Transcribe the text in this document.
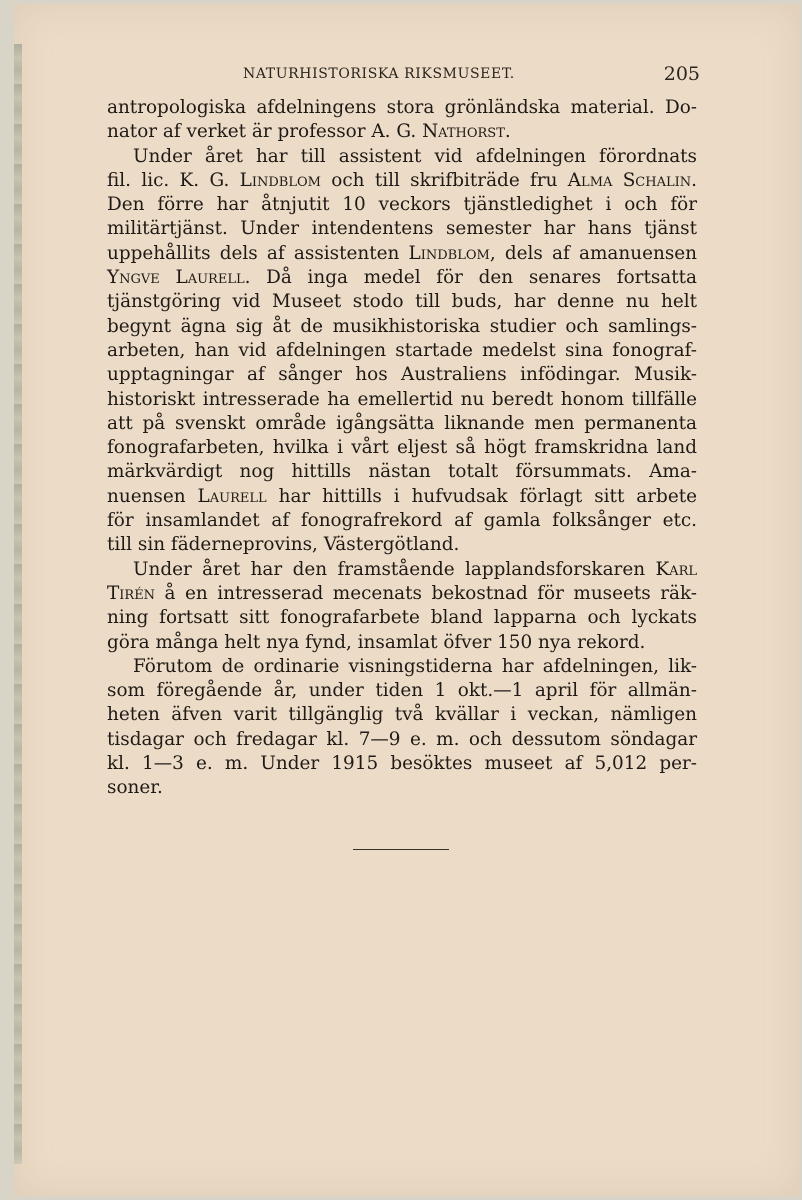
NATURHISTORISKA RIKSMUSEET.	205
antropologiska afdelningens stora grönländska material. Do-
nator af verket är professor A. G. Nathorst.
Under året har till assistent vid afdelningen förordnats
fil. lic. K. G. Lindblom och till skrifbiträde fru Alma Schalin.
Den förre har åtnjutit 10 veckors tjänstledighet i och för
militärtjänst. Under intendentens semester har hans tjänst
uppehållits dels af assistenten Lindblom, dels af amanuensen
Yngve Laurell. Då inga medel för den senares fortsatta
tjänstgöring vid Museet stodo till buds, har denne nu helt
begynt ägna sig åt de musikhistoriska studier och samlings-
arbeten, han vid afdelningen startade medelst sina fonograf-
upptagningar af sånger hos Australiens infödingar. Musik-
historiskt intresserade ha emellertid nu beredt honom tillfälle
att på svenskt område igångsätta liknande men permanenta
fonografarbeten, hvilka i vårt eljest så högt framskridna land
märkvärdigt nog hittills nästan totalt försummats. Ama-
nuensen Laurell har hittills i hufvudsak förlagt sitt arbete
för insamlandet af fonografrekord af gamla folksånger etc.
till sin fäderneprovins, Västergötland.
Under året har den framstående lapplandsforskaren Karl
Tirén å en intresserad mecenats bekostnad för museets räk-
ning fortsatt sitt fonografarbete bland lapparna och lyckats
göra många helt nya fynd, insamlat öfver 150 nya rekord.
Förutom de ordinarie visningstiderna har afdelningen, lik-
som föregående år, under tiden 1 okt.—1 april för allmän-
heten äfven varit tillgänglig två kvällar i veckan, nämligen
tisdagar och fredagar kl. 7—9 e. m. och dessutom söndagar
kl. 1—3 e. m. Under 1915 besöktes museet af 5,012 per-
soner.
